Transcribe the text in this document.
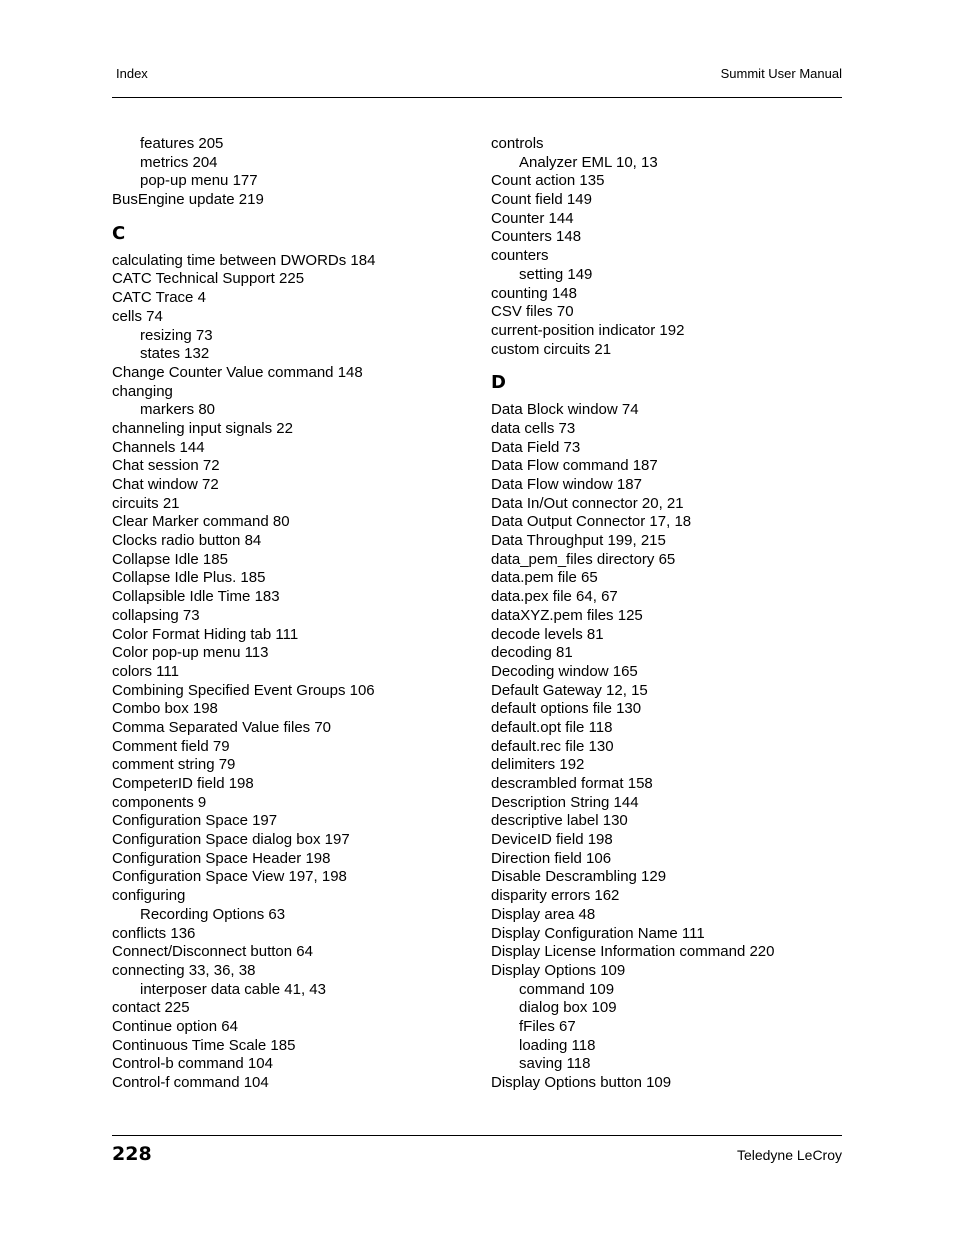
Index	Summit User Manual
features 205
metrics 204
pop-up menu 177
BusEngine update 219
C
calculating time between DWORDs 184
CATC Technical Support 225
CATC Trace 4
cells 74
resizing 73
states 132
Change Counter Value command 148
changing
markers 80
channeling input signals 22
Channels 144
Chat session 72
Chat window 72
circuits 21
Clear Marker command 80
Clocks radio button 84
Collapse Idle 185
Collapse Idle Plus. 185
Collapsible Idle Time 183
collapsing 73
Color Format Hiding tab 111
Color pop-up menu 113
colors 111
Combining Specified Event Groups 106
Combo box 198
Comma Separated Value files 70
Comment field 79
comment string 79
CompeterID field 198
components 9
Configuration Space 197
Configuration Space dialog box 197
Configuration Space Header 198
Configuration Space View 197, 198
configuring
Recording Options 63
conflicts 136
Connect/Disconnect button 64
connecting 33, 36, 38
interposer data cable 41, 43
contact 225
Continue option 64
Continuous Time Scale 185
Control-b command 104
Control-f command 104
controls
Analyzer EML 10, 13
Count action 135
Count field 149
Counter 144
Counters 148
counters
setting 149
counting 148
CSV files 70
current-position indicator 192
custom circuits 21
D
Data Block window 74
data cells 73
Data Field 73
Data Flow command 187
Data Flow window 187
Data In/Out connector 20, 21
Data Output Connector 17, 18
Data Throughput 199, 215
data_pem_files directory 65
data.pem file 65
data.pex file 64, 67
dataXYZ.pem files 125
decode levels 81
decoding 81
Decoding window 165
Default Gateway 12, 15
default options file 130
default.opt file 118
default.rec file 130
delimiters 192
descrambled format 158
Description String 144
descriptive label 130
DeviceID field 198
Direction field 106
Disable Descrambling 129
disparity errors 162
Display area 48
Display Configuration Name 111
Display License Information command 220
Display Options 109
command 109
dialog box 109
fFiles 67
loading 118
saving 118
Display Options button 109
228	Teledyne LeCroy
